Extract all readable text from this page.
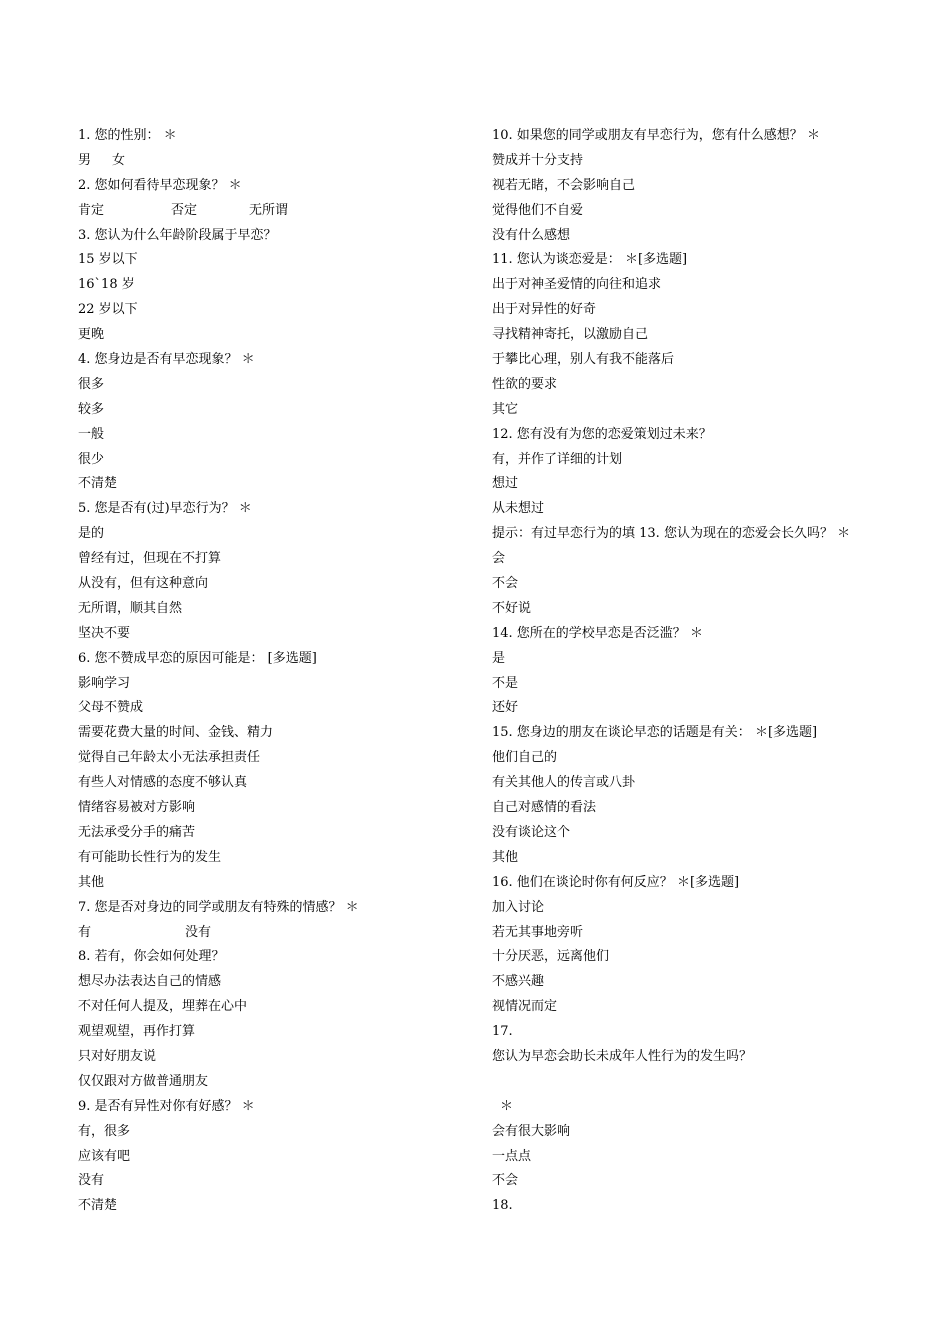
1. 您的性别： ＊
男 女
2. 您如何看待早恋现象？ ＊
肯定	否定	无所谓
3. 您认为什么年龄阶段属于早恋？
15 岁以下
16`18 岁
22 岁以下
更晚
4. 您身边是否有早恋现象？ ＊
很多
较多
一般
很少
不清楚
5. 您是否有(过)早恋行为？ ＊
是的
曾经有过，但现在不打算
从没有，但有这种意向
无所谓，顺其自然
坚决不要
6. 您不赞成早恋的原因可能是： [多选题]
影响学习
父母不赞成
需要花费大量的时间、金钱、精力
觉得自己年龄太小无法承担责任
有些人对情感的态度不够认真
情绪容易被对方影响
无法承受分手的痛苦
有可能助长性行为的发生
其他
7. 您是否对身边的同学或朋友有特殊的情感？ ＊
有	没有
8. 若有，你会如何处理？
想尽办法表达自己的情感
不对任何人提及，埋葬在心中
观望观望，再作打算
只对好朋友说
仅仅跟对方做普通朋友
9. 是否有异性对你有好感？ ＊
有，很多
应该有吧
没有
不清楚
10. 如果您的同学或朋友有早恋行为，您有什么感想？ ＊
赞成并十分支持
视若无睹，不会影响自己
觉得他们不自爱
没有什么感想
11. 您认为谈恋爱是： ＊[多选题]
出于对神圣爱情的向往和追求
出于对异性的好奇
寻找精神寄托，以激励自己
于攀比心理，别人有我不能落后
性欲的要求
其它
12. 您有没有为您的恋爱策划过未来？
有，并作了详细的计划
想过
从未想过
提示：有过早恋行为的填 13. 您认为现在的恋爱会长久吗？ ＊
会
不会
不好说
14. 您所在的学校早恋是否泛滥？ ＊
是
不是
还好
15. 您身边的朋友在谈论早恋的话题是有关： ＊[多选题]
他们自己的
有关其他人的传言或八卦
自己对感情的看法
没有谈论这个
其他
16. 他们在谈论时你有何反应？ ＊[多选题]
加入讨论
若无其事地旁听
十分厌恶，远离他们
不感兴趣
视情况而定
17.
您认为早恋会助长未成年人性行为的发生吗？
＊
会有很大影响
一点点
不会
18.
